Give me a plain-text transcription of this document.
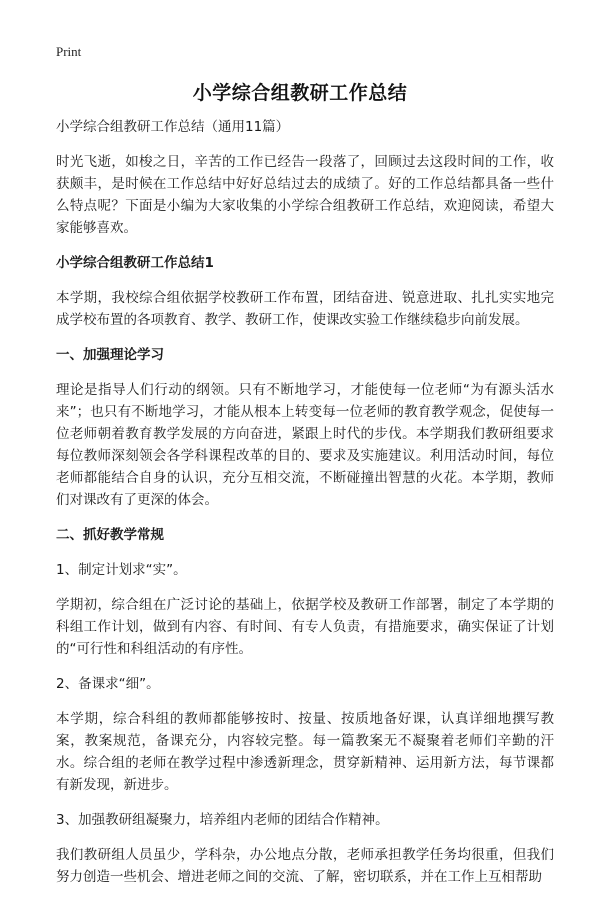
Print
小学综合组教研工作总结

小学综合组教研工作总结（通用11篇）

时光飞逝，如梭之日，辛苦的工作已经告一段落了，回顾过去这段时间的工作，收获颇丰，是时候在工作总结中好好总结过去的成绩了。好的工作总结都具备一些什么特点呢？下面是小编为大家收集的小学综合组教研工作总结，欢迎阅读，希望大家能够喜欢。

小学综合组教研工作总结1

本学期，我校综合组依据学校教研工作布置，团结奋进、锐意进取、扎扎实实地完成学校布置的各项教育、教学、教研工作，使课改实验工作继续稳步向前发展。

一、加强理论学习

理论是指导人们行动的纲领。只有不断地学习，才能使每一位老师“为有源头活水来”；也只有不断地学习，才能从根本上转变每一位老师的教育教学观念，促使每一位老师朝着教育教学发展的方向奋进，紧跟上时代的步伐。本学期我们教研组要求每位教师深刻领会各学科课程改革的目的、要求及实施建议。利用活动时间，每位老师都能结合自身的认识，充分互相交流，不断碰撞出智慧的火花。本学期，教师们对课改有了更深的体会。

二、抓好教学常规

1、制定计划求“实”。

学期初，综合组在广泛讨论的基础上，依据学校及教研工作部署，制定了本学期的科组工作计划，做到有内容、有时间、有专人负责，有措施要求，确实保证了计划的“可行性和科组活动的有序性。

2、备课求“细”。

本学期，综合科组的教师都能够按时、按量、按质地备好课，认真详细地撰写教案，教案规范，备课充分，内容较完整。每一篇教案无不凝聚着老师们辛勤的汗水。综合组的老师在教学过程中渗透新理念，贯穿新精神、运用新方法，每节课都有新发现，新进步。

3、加强教研组凝聚力，培养组内老师的团结合作精神。

我们教研组人员虽少，学科杂，办公地点分散，老师承担教学任务均很重，但我们努力创造一些机会、增进老师之间的交流、了解，密切联系，并在工作上互相帮助
